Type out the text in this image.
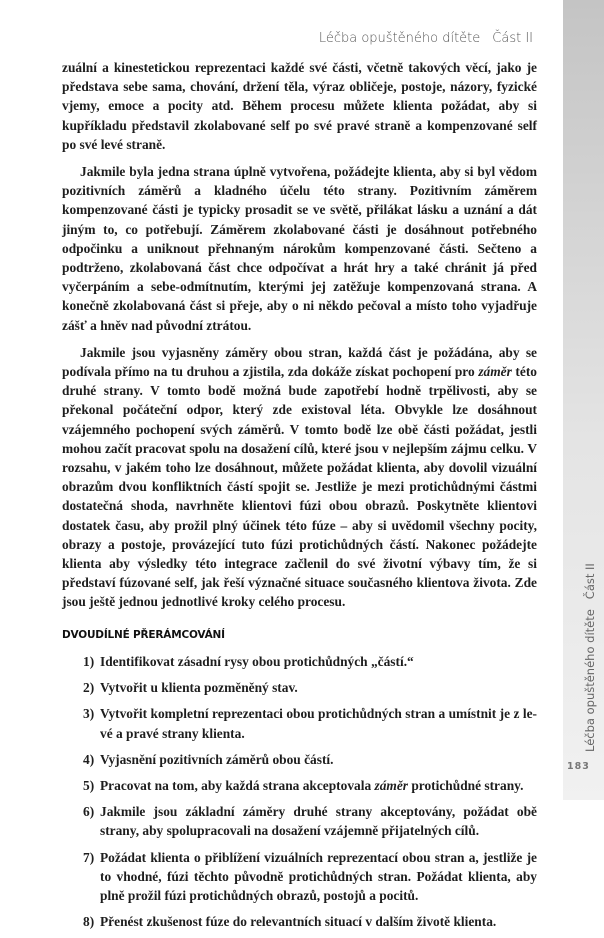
Léčba opuštěného dítěte Část II
Léčba opuštěného dítěteČást II
183

zuální a kinestetickou reprezentaci každé své části, včetně takových věcí, jako je představa sebe sama, chování, držení těla, výraz obličeje, postoje, názory, fyzické vjemy, emoce a pocity atd. Během procesu můžete klienta požádat, aby si kupříkladu představil zkolabované self po své pravé straně a kompenzované self po své levé straně.

Jakmile byla jedna strana úplně vytvořena, požádejte klienta, aby si byl vědom pozitivních záměrů a kladného účelu této strany. Pozitivním záměrem kompenzované části je typicky prosadit se ve světě, přilákat lásku a uznání a dát jiným to, co potřebují. Záměrem zkolabované části je dosáhnout potřebného odpočinku a uniknout přehnaným nárokům kompenzované části. Sečteno a podtrženo, zkolabovaná část chce odpočívat a hrát hry a také chránit já před vyčerpáním a sebe-odmítnutím, kterými jej zatěžuje kompenzovaná strana. A konečně zkolabovaná část si přeje, aby o ni někdo pečoval a místo toho vyjadřuje zášť a hněv nad původní ztrátou.

Jakmile jsou vyjasněny záměry obou stran, každá část je požádána, aby se podívala přímo na tu druhou a zjistila, zda dokáže získat pochopení pro záměr této druhé strany. V tomto bodě možná bude zapotřebí hodně trpělivosti, aby se překonal počáteční odpor, který zde existoval léta. Obvykle lze dosáhnout vzájemného pochopení svých záměrů. V tomto bodě lze obě části požádat, jestli mohou začít pracovat spolu na dosažení cílů, které jsou v nejlepším zájmu celku. V rozsahu, v jakém toho lze dosáhnout, můžete požádat klienta, aby dovolil vizuální obrazům dvou konfliktních částí spojit se. Jestliže je mezi protichůdnými částmi dostatečná shoda, navrhněte klientovi fúzi obou obrazů. Poskytněte klientovi dostatek času, aby prožil plný účinek této fúze – aby si uvědomil všechny pocity, obrazy a postoje, provázející tuto fúzi protichůdných částí. Nakonec požádejte klienta aby výsledky této integrace začlenil do své životní výbavy tím, že si představí fúzované self, jak řeší význačné situace současného klientova života. Zde jsou ještě jednou jednotlivé kroky celého procesu.

DVOUDÍLNÉ PŘERÁMCOVÁNÍ
1) Identifikovat zásadní rysy obou protichůdných „částí.“
2) Vytvořit u klienta pozměněný stav.
3) Vytvořit kompletní reprezentaci obou protichůdných stran a umístnit je z levé a pravé strany klienta.
4) Vyjasnění pozitivních záměrů obou částí.
5) Pracovat na tom, aby každá strana akceptovala záměr protichůdné strany.
6) Jakmile jsou základní záměry druhé strany akceptovány, požádat obě strany, aby spolupracovali na dosažení vzájemně přijatelných cílů.
7) Požádat klienta o přiblížení vizuálních reprezentací obou stran a, jestliže je to vhodné, fúzi těchto původně protichůdných stran. Požádat klienta, aby plně prožil fúzi protichůdných obrazů, postojů a pocitů.
8) Přenést zkušenost fúze do relevantních situací v dalším životě klienta.
